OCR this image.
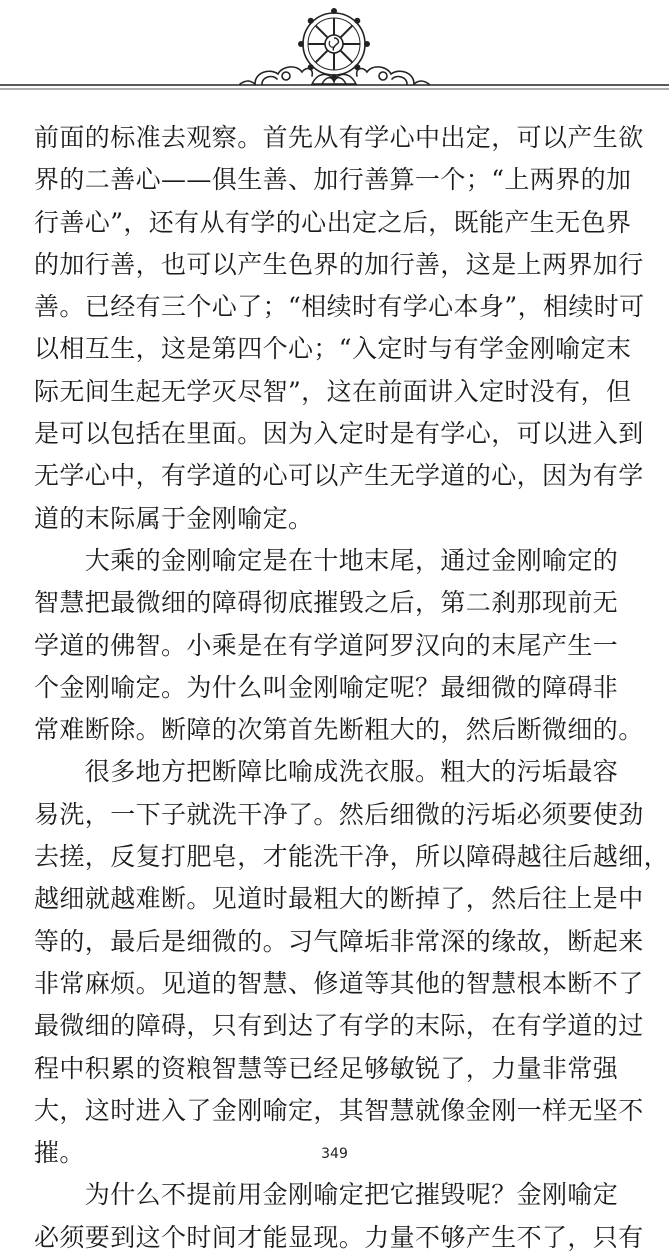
前面的标准去观察。首先从有学心中出定，可以产生欲
界的二善心——俱生善、加行善算一个；“上两界的加
行善心”，还有从有学的心出定之后，既能产生无色界
的加行善，也可以产生色界的加行善，这是上两界加行
善。已经有三个心了；“相续时有学心本身”，相续时可
以相互生，这是第四个心；“入定时与有学金刚喻定末
际无间生起无学灭尽智”，这在前面讲入定时没有，但
是可以包括在里面。因为入定时是有学心，可以进入到
无学心中，有学道的心可以产生无学道的心，因为有学
道的末际属于金刚喻定。
　　大乘的金刚喻定是在十地末尾，通过金刚喻定的
智慧把最微细的障碍彻底摧毁之后，第二刹那现前无
学道的佛智。小乘是在有学道阿罗汉向的末尾产生一
个金刚喻定。为什么叫金刚喻定呢？最细微的障碍非
常难断除。断障的次第首先断粗大的，然后断微细的。
　　很多地方把断障比喻成洗衣服。粗大的污垢最容
易洗，一下子就洗干净了。然后细微的污垢必须要使劲
去搓，反复打肥皂，才能洗干净，所以障碍越往后越细，
越细就越难断。见道时最粗大的断掉了，然后往上是中
等的，最后是细微的。习气障垢非常深的缘故，断起来
非常麻烦。见道的智慧、修道等其他的智慧根本断不了
最微细的障碍，只有到达了有学的末际，在有学道的过
程中积累的资粮智慧等已经足够敏锐了，力量非常强
大，这时进入了金刚喻定，其智慧就像金刚一样无坚不
摧。
　　为什么不提前用金刚喻定把它摧毁呢？金刚喻定
必须要到这个时间才能显现。力量不够产生不了，只有
349
